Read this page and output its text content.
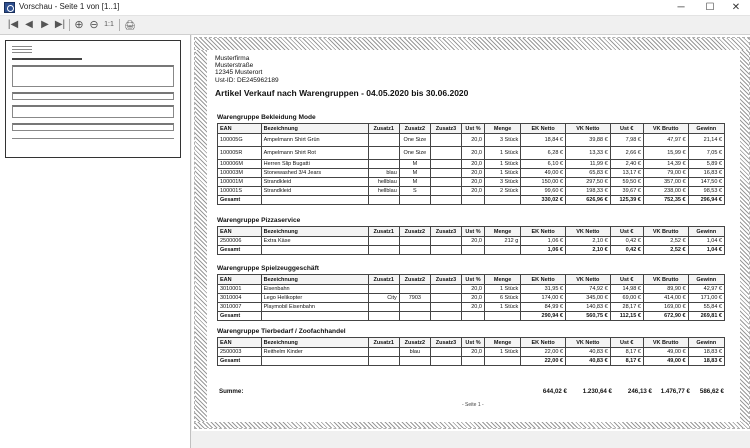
Vorschau - Seite 1 von [1..1]	─	☐	✕
|◀ ◀ ▶ ▶| ⊕ ⊖ 1:1 🖨
Musterfirma
Musterstraße
12345 Musterort
Ust-ID: DE245962189
Artikel Verkauf nach Warengruppen - 04.05.2020 bis 30.06.2020
Warengruppe Bekleidung Mode
EAN	Bezeichnung	Zusatz1	Zusatz2	Zusatz3	Ust %	Menge	EK Netto	VK Netto	Ust €	VK Brutto	Gewinn
100005G	Ampelmann Shirt Grün		One Size		20,0	3 Stück	18,84 €	39,88 €	7,98 €	47,97 €	21,14 €
100005R	Ampelmann Shirt Rot		One Size		20,0	1 Stück	6,28 €	13,33 €	2,66 €	15,99 €	7,05 €
100006M	Herren Slip Bugatti		M		20,0	1 Stück	6,10 €	11,99 €	2,40 €	14,39 €	5,89 €
100003M	Stonewashed 3/4 Jears	blau	M		20,0	1 Stück	49,00 €	65,83 €	13,17 €	79,00 €	16,83 €
100001M	Strandkleid	hellblau	M		20,0	3 Stück	150,00 €	297,50 €	59,50 €	357,00 €	147,50 €
100001S	Strandkleid	hellblau	S		20,0	2 Stück	99,60 €	198,33 €	39,67 €	238,00 €	98,53 €
Gesamt							330,02 €	626,96 €	125,39 €	752,35 €	296,94 €
Warengruppe Pizzaservice
EAN	Bezeichnung	Zusatz1	Zusatz2	Zusatz3	Ust %	Menge	EK Netto	VK Netto	Ust €	VK Brutto	Gewinn
2500006	Extra Käse				20,0	212 g	1,06 €	2,10 €	0,42 €	2,52 €	1,04 €
Gesamt							1,06 €	2,10 €	0,42 €	2,52 €	1,04 €
Warengruppe Spielzeuggeschäft
EAN	Bezeichnung	Zusatz1	Zusatz2	Zusatz3	Ust %	Menge	EK Netto	VK Netto	Ust €	VK Brutto	Gewinn
3010001	Eisenbahn				20,0	1 Stück	31,95 €	74,92 €	14,98 €	89,90 €	42,97 €
3010004	Lego Helikopter	City	7903		20,0	6 Stück	174,00 €	345,00 €	69,00 €	414,00 €	171,00 €
3010007	Playmobil Eisenbahn				20,0	1 Stück	84,99 €	140,83 €	28,17 €	169,00 €	55,84 €
Gesamt							290,94 €	560,75 €	112,15 €	672,90 €	269,81 €
Warengruppe Tierbedarf / Zoofachhandel
EAN	Bezeichnung	Zusatz1	Zusatz2	Zusatz3	Ust %	Menge	EK Netto	VK Netto	Ust €	VK Brutto	Gewinn
2500003	Reithelm Kinder		blau		20,0	1 Stück	22,00 €	40,83 €	8,17 €	49,00 €	18,83 €
Gesamt							22,00 €	40,83 €	8,17 €	49,00 €	18,83 €
Summe:	644,02 €	1.230,64 €	246,13 €	1.476,77 €	586,62 €
- Seite 1 -
